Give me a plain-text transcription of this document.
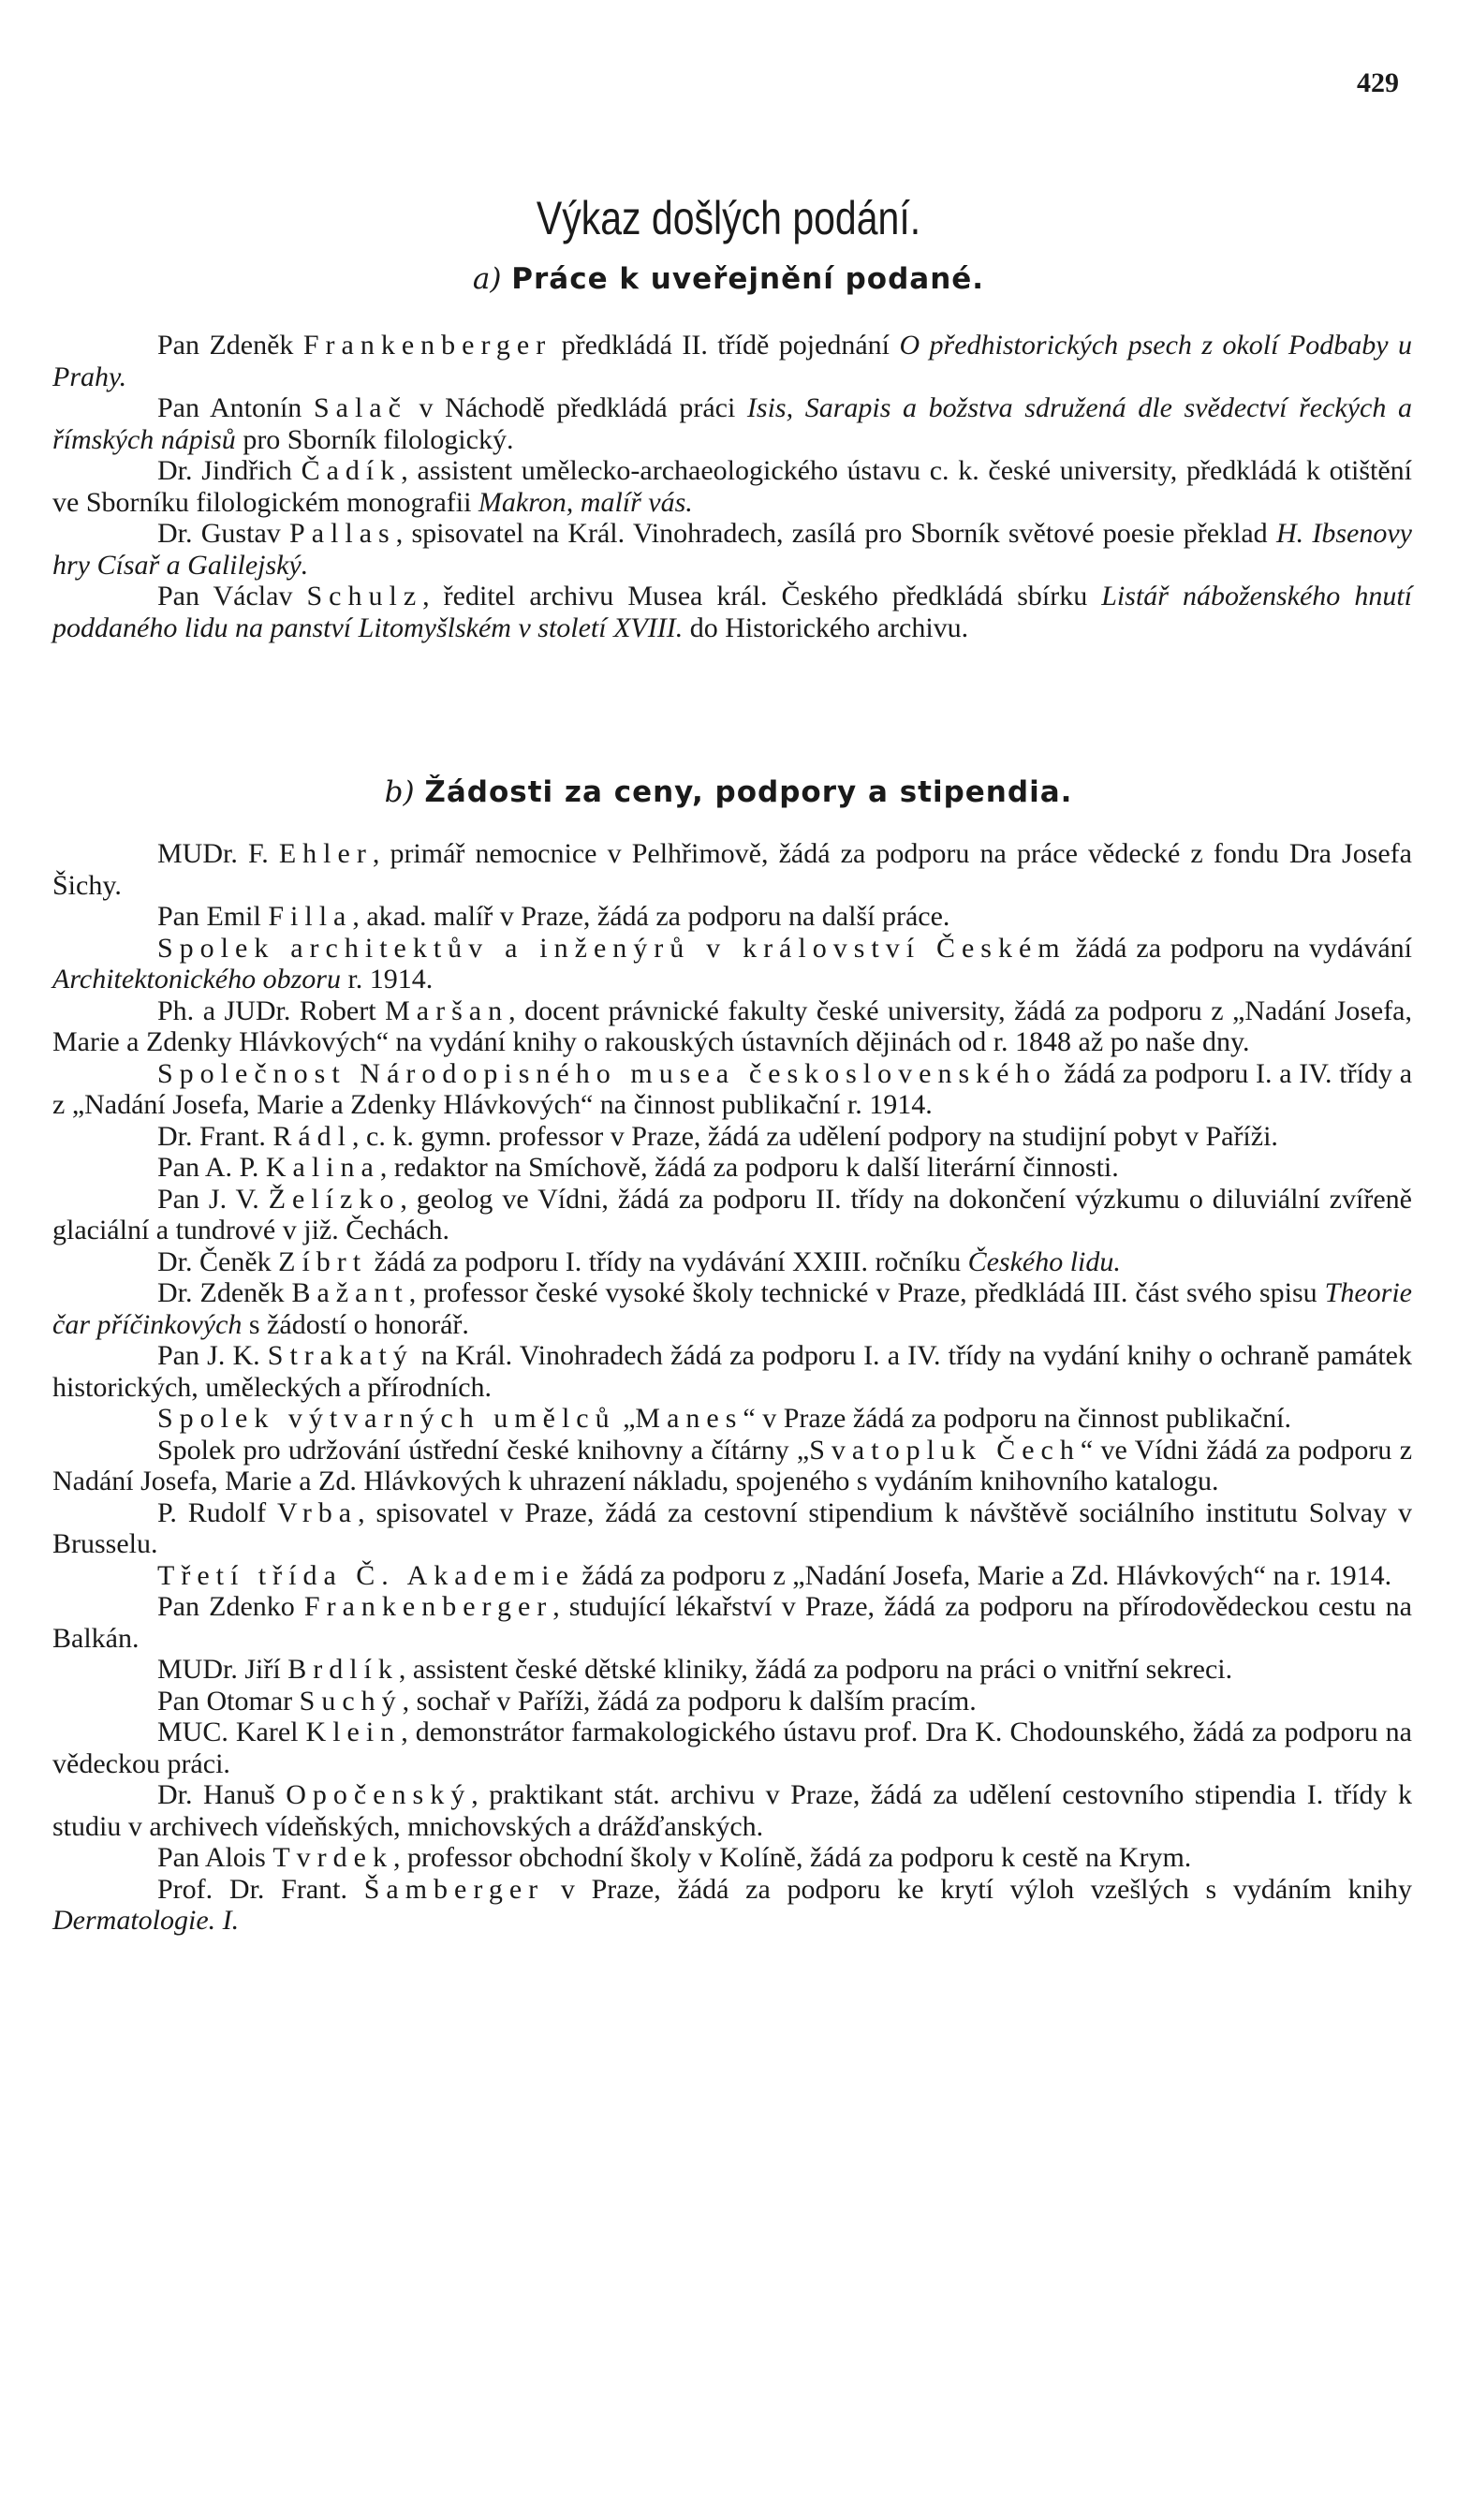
429
Výkaz došlých podání.
a) Práce k uveřejnění podané.

Pan Zdeněk Frankenberger předkládá II. třídě pojednání O předhistorických psech z okolí Podbaby u Prahy.

Pan Antonín Salač v Náchodě předkládá práci Isis, Sarapis a božstva sdružená dle svědectví řeckých a římských nápisů pro Sborník filologický.

Dr. Jindřich Čadík, assistent umělecko-archaeologického ústavu c. k. české university, předkládá k otištění ve Sborníku filologickém monografii Makron, malíř vás.

Dr. Gustav Pallas, spisovatel na Král. Vinohradech, zasílá pro Sborník světové poesie překlad H. Ibsenovy hry Císař a Galilejský.

Pan Václav Schulz, ředitel archivu Musea král. Českého předkládá sbírku Listář náboženského hnutí poddaného lidu na panství Litomyšlském v století XVIII. do Historického archivu.

b) Žádosti za ceny, podpory a stipendia.

MUDr. F. Ehler, primář nemocnice v Pelhřimově, žádá za podporu na práce vědecké z fondu Dra Josefa Šichy.

Pan Emil Filla, akad. malíř v Praze, žádá za podporu na další práce.

Spolek architektův a inženýrů v království Českém žádá za podporu na vydávání Architektonického obzoru r. 1914.

Ph. a JUDr. Robert Maršan, docent právnické fakulty české university, žádá za podporu z „Nadání Josefa, Marie a Zdenky Hlávkových“ na vydání knihy o rakouských ústavních dějinách od r. 1848 až po naše dny.

Společnost Národopisného musea československého žádá za podporu I. a IV. třídy a z „Nadání Josefa, Marie a Zdenky Hlávkových“ na činnost publikační r. 1914.

Dr. Frant. Rádl, c. k. gymn. professor v Praze, žádá za udělení podpory na studijní pobyt v Paříži.

Pan A. P. Kalina, redaktor na Smíchově, žádá za podporu k další literární činnosti.

Pan J. V. Želízko, geolog ve Vídni, žádá za podporu II. třídy na dokončení výzkumu o diluviální zvířeně glaciální a tundrové v již. Čechách.

Dr. Čeněk Zíbrt žádá za podporu I. třídy na vydávání XXIII. ročníku Českého lidu.

Dr. Zdeněk Bažant, professor české vysoké školy technické v Praze, předkládá III. část svého spisu Theorie čar příčinkových s žádostí o honorář.

Pan J. K. Strakatý na Král. Vinohradech žádá za podporu I. a IV. třídy na vydání knihy o ochraně památek historických, uměleckých a přírodních.

Spolek výtvarných umělců „Manes“ v Praze žádá za podporu na činnost publikační.

Spolek pro udržování ústřední české knihovny a čítárny „Svatopluk Čech“ ve Vídni žádá za podporu z Nadání Josefa, Marie a Zd. Hlávkových k uhrazení nákladu, spojeného s vydáním knihovního katalogu.

P. Rudolf Vrba, spisovatel v Praze, žádá za cestovní stipendium k návštěvě sociálního institutu Solvay v Brusselu.

Třetí třída Č. Akademie žádá za podporu z „Nadání Josefa, Marie a Zd. Hlávkových“ na r. 1914.

Pan Zdenko Frankenberger, studující lékařství v Praze, žádá za podporu na přírodovědeckou cestu na Balkán.

MUDr. Jiří Brdlík, assistent české dětské kliniky, žádá za podporu na práci o vnitřní sekreci.

Pan Otomar Suchý, sochař v Paříži, žádá za podporu k dalším pracím.

MUC. Karel Klein, demonstrátor farmakologického ústavu prof. Dra K. Chodounského, žádá za podporu na vědeckou práci.

Dr. Hanuš Opočenský, praktikant stát. archivu v Praze, žádá za udělení cestovního stipendia I. třídy k studiu v archivech vídeňských, mnichovských a drážďanských.

Pan Alois Tvrdek, professor obchodní školy v Kolíně, žádá za podporu k cestě na Krym.

Prof. Dr. Frant. Šamberger v Praze, žádá za podporu ke krytí výloh vzešlých s vydáním knihy Dermatologie. I.
